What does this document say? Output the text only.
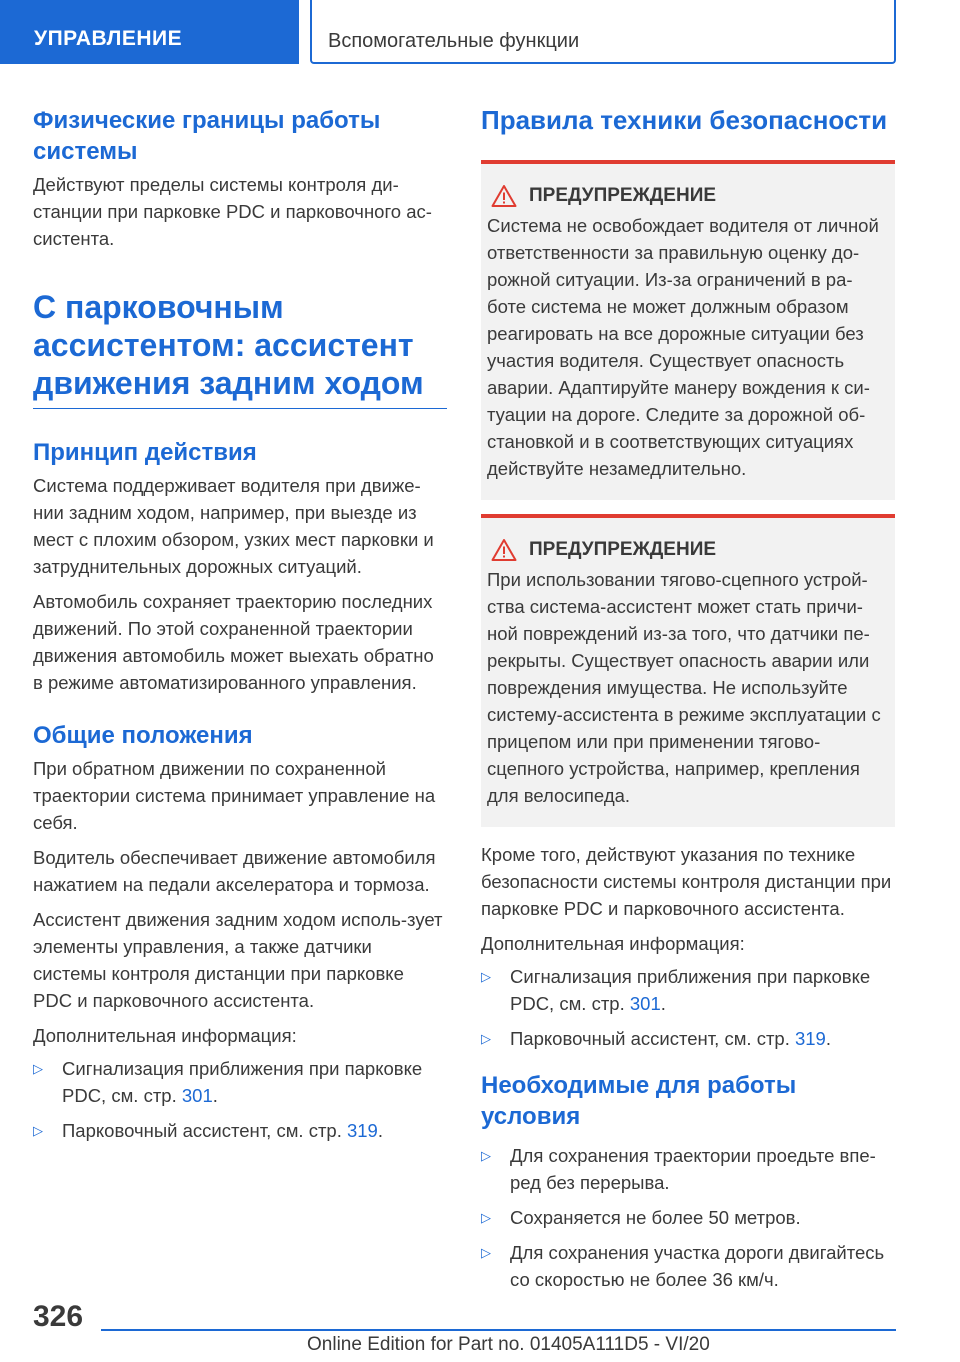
УПРАВЛЕНИЕ	Вспомогательные функции
Физические границы работы системы

Действуют пределы системы контроля ди-станции при парковке PDC и парковочного ас-систента.

С парковочным ассистентом: ассистент движения задним ходом
Принцип действия

Система поддерживает водителя при движе-нии задним ходом, например, при выезде из мест с плохим обзором, узких мест парковки и затруднительных дорожных ситуаций.

Автомобиль сохраняет траекторию последних движений. По этой сохраненной траектории движения автомобиль может выехать обратно в режиме автоматизированного управления.

Общие положения

При обратном движении по сохраненной траектории система принимает управление на себя.

Водитель обеспечивает движение автомобиля нажатием на педали акселератора и тормоза.

Ассистент движения задним ходом исполь-зует элементы управления, а также датчики системы контроля дистанции при парковке PDC и парковочного ассистента.

Дополнительная информация:

▷ Сигнализация приближения при парковке PDC, см. стр. 301.
▷ Парковочный ассистент, см. стр. 319.
Правила техники безопасности
ПРЕДУПРЕЖДЕНИЕ

Система не освобождает водителя от личной ответственности за правильную оценку до-рожной ситуации. Из-за ограничений в ра-боте система не может должным образом реагировать на все дорожные ситуации без участия водителя. Существует опасность аварии. Адаптируйте манеру вождения к си-туации на дороге. Следите за дорожной об-становкой и в соответствующих ситуациях действуйте незамедлительно.

ПРЕДУПРЕЖДЕНИЕ

При использовании тягово-сцепного устрой-ства система-ассистент может стать причи-ной повреждений из-за того, что датчики пе-рекрыты. Существует опасность аварии или повреждения имущества. Не используйте систему-ассистента в режиме эксплуатации с прицепом или при применении тягово-сцепного устройства, например, крепления для велосипеда.

Кроме того, действуют указания по технике безопасности системы контроля дистанции при парковке PDC и парковочного ассистента.

Дополнительная информация:

▷ Сигнализация приближения при парковке PDC, см. стр. 301.
▷ Парковочный ассистент, см. стр. 319.
Необходимые для работы условия
▷ Для сохранения траектории проедьте впе-ред без перерыва.
▷ Сохраняется не более 50 метров.
▷ Для сохранения участка дороги двигайтесь со скоростью не более 36 км/ч.
326
Online Edition for Part no. 01405A111D5 - VI/20
